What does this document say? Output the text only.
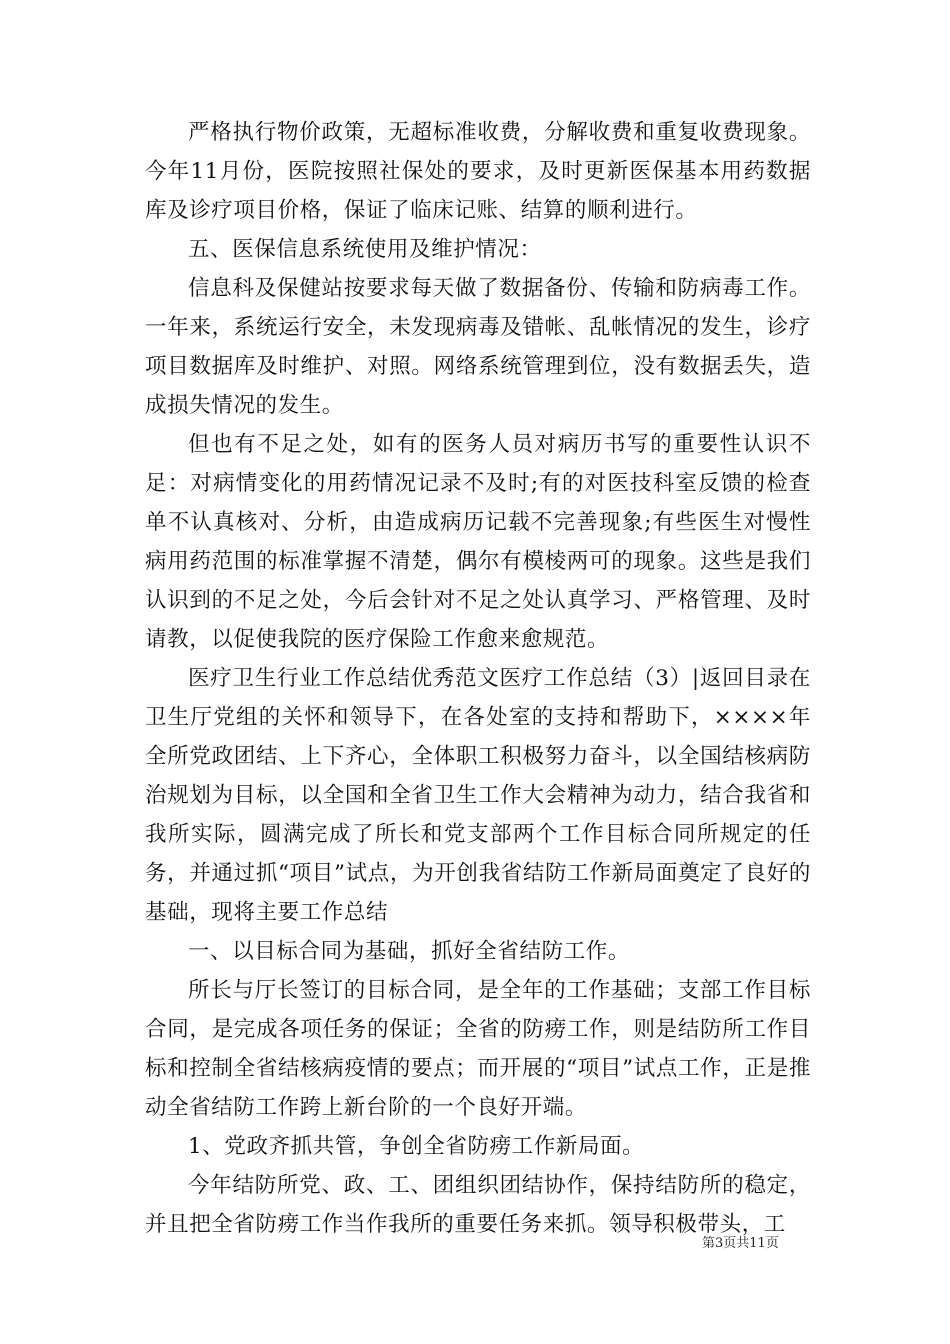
严格执行物价政策，无超标准收费，分解收费和重复收费现象。今年11月份，医院按照社保处的要求，及时更新医保基本用药数据库及诊疗项目价格，保证了临床记账、结算的顺利进行。

五、医保信息系统使用及维护情况：

信息科及保健站按要求每天做了数据备份、传输和防病毒工作。一年来，系统运行安全，未发现病毒及错帐、乱帐情况的发生，诊疗项目数据库及时维护、对照。网络系统管理到位，没有数据丢失，造成损失情况的发生。

但也有不足之处，如有的医务人员对病历书写的重要性认识不足：对病情变化的用药情况记录不及时;有的对医技科室反馈的检查单不认真核对、分析，由造成病历记载不完善现象;有些医生对慢性病用药范围的标准掌握不清楚，偶尔有模棱两可的现象。这些是我们认识到的不足之处，今后会针对不足之处认真学习、严格管理、及时请教，以促使我院的医疗保险工作愈来愈规范。

医疗卫生行业工作总结优秀范文医疗工作总结（3）|返回目录在卫生厅党组的关怀和领导下，在各处室的支持和帮助下，××××年全所党政团结、上下齐心，全体职工积极努力奋斗，以全国结核病防治规划为目标，以全国和全省卫生工作大会精神为动力，结合我省和我所实际，圆满完成了所长和党支部两个工作目标合同所规定的任务，并通过抓“项目”试点，为开创我省结防工作新局面奠定了良好的基础，现将主要工作总结

一、以目标合同为基础，抓好全省结防工作。

所长与厅长签订的目标合同，是全年的工作基础；支部工作目标合同，是完成各项任务的保证；全省的防痨工作，则是结防所工作目标和控制全省结核病疫情的要点；而开展的“项目”试点工作，正是推动全省结防工作跨上新台阶的一个良好开端。

1、党政齐抓共管，争创全省防痨工作新局面。

今年结防所党、政、工、团组织团结协作，保持结防所的稳定，并且把全省防痨工作当作我所的重要任务来抓。领导积极带头，工

第3页共11页
